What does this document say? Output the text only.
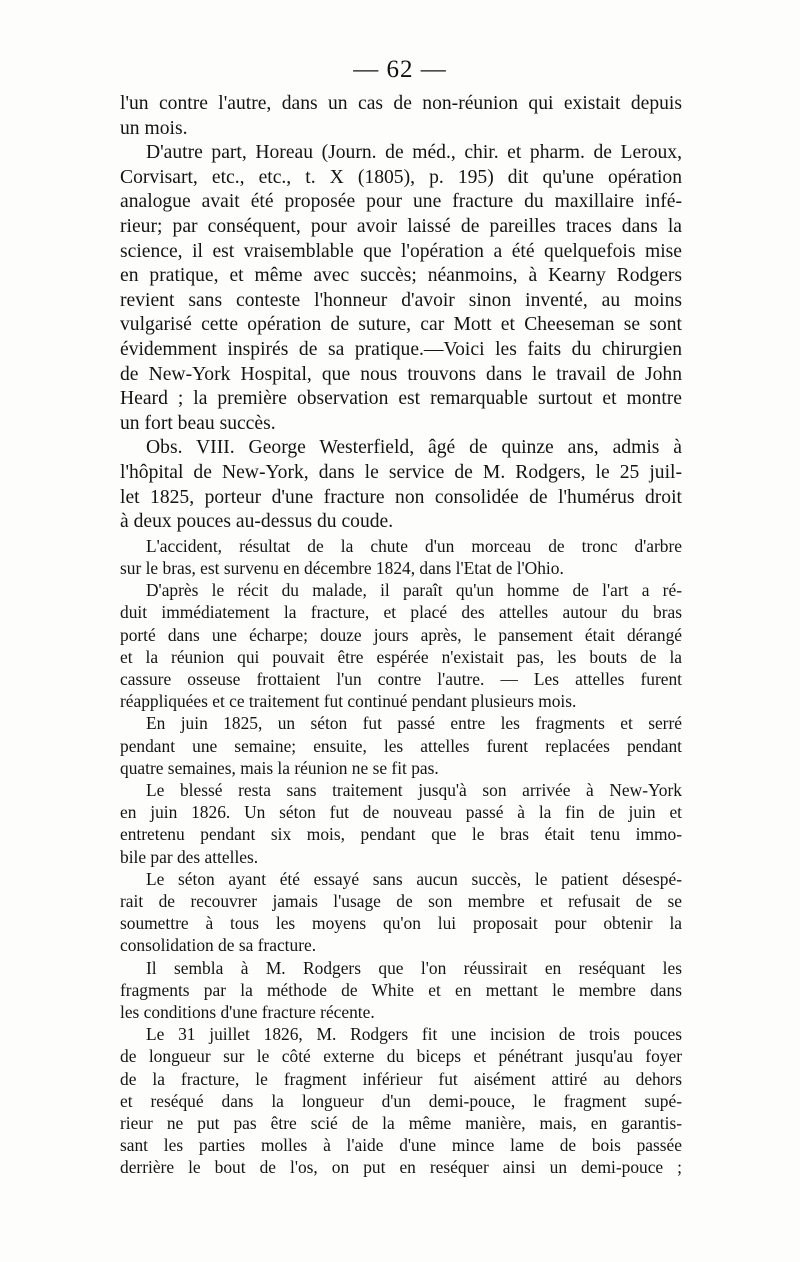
— 62 —
l'un contre l'autre, dans un cas de non-réunion qui existait depuis
un mois.
D'autre part, Horeau (Journ. de méd., chir. et pharm. de Leroux,
Corvisart, etc., etc., t. X (1805), p. 195) dit qu'une opération
analogue avait été proposée pour une fracture du maxillaire infé-
rieur; par conséquent, pour avoir laissé de pareilles traces dans la
science, il est vraisemblable que l'opération a été quelquefois mise
en pratique, et même avec succès; néanmoins, à Kearny Rodgers
revient sans conteste l'honneur d'avoir sinon inventé, au moins
vulgarisé cette opération de suture, car Mott et Cheeseman se sont
évidemment inspirés de sa pratique.—Voici les faits du chirurgien
de New-York Hospital, que nous trouvons dans le travail de John
Heard ; la première observation est remarquable surtout et montre
un fort beau succès.
Obs. VIII. George Westerfield, âgé de quinze ans, admis à
l'hôpital de New-York, dans le service de M. Rodgers, le 25 juil-
let 1825, porteur d'une fracture non consolidée de l'humérus droit
à deux pouces au-dessus du coude.
L'accident, résultat de la chute d'un morceau de tronc d'arbre
sur le bras, est survenu en décembre 1824, dans l'Etat de l'Ohio.
D'après le récit du malade, il paraît qu'un homme de l'art a ré-
duit immédiatement la fracture, et placé des attelles autour du bras
porté dans une écharpe; douze jours après, le pansement était dérangé
et la réunion qui pouvait être espérée n'existait pas, les bouts de la
cassure osseuse frottaient l'un contre l'autre. — Les attelles furent
réappliquées et ce traitement fut continué pendant plusieurs mois.
En juin 1825, un séton fut passé entre les fragments et serré
pendant une semaine; ensuite, les attelles furent replacées pendant
quatre semaines, mais la réunion ne se fit pas.
Le blessé resta sans traitement jusqu'à son arrivée à New-York
en juin 1826. Un séton fut de nouveau passé à la fin de juin et
entretenu pendant six mois, pendant que le bras était tenu immo-
bile par des attelles.
Le séton ayant été essayé sans aucun succès, le patient désespé-
rait de recouvrer jamais l'usage de son membre et refusait de se
soumettre à tous les moyens qu'on lui proposait pour obtenir la
consolidation de sa fracture.
Il sembla à M. Rodgers que l'on réussirait en reséquant les
fragments par la méthode de White et en mettant le membre dans
les conditions d'une fracture récente.
Le 31 juillet 1826, M. Rodgers fit une incision de trois pouces
de longueur sur le côté externe du biceps et pénétrant jusqu'au foyer
de la fracture, le fragment inférieur fut aisément attiré au dehors
et reséqué dans la longueur d'un demi-pouce, le fragment supé-
rieur ne put pas être scié de la même manière, mais, en garantis-
sant les parties molles à l'aide d'une mince lame de bois passée
derrière le bout de l'os, on put en reséquer ainsi un demi-pouce ;
